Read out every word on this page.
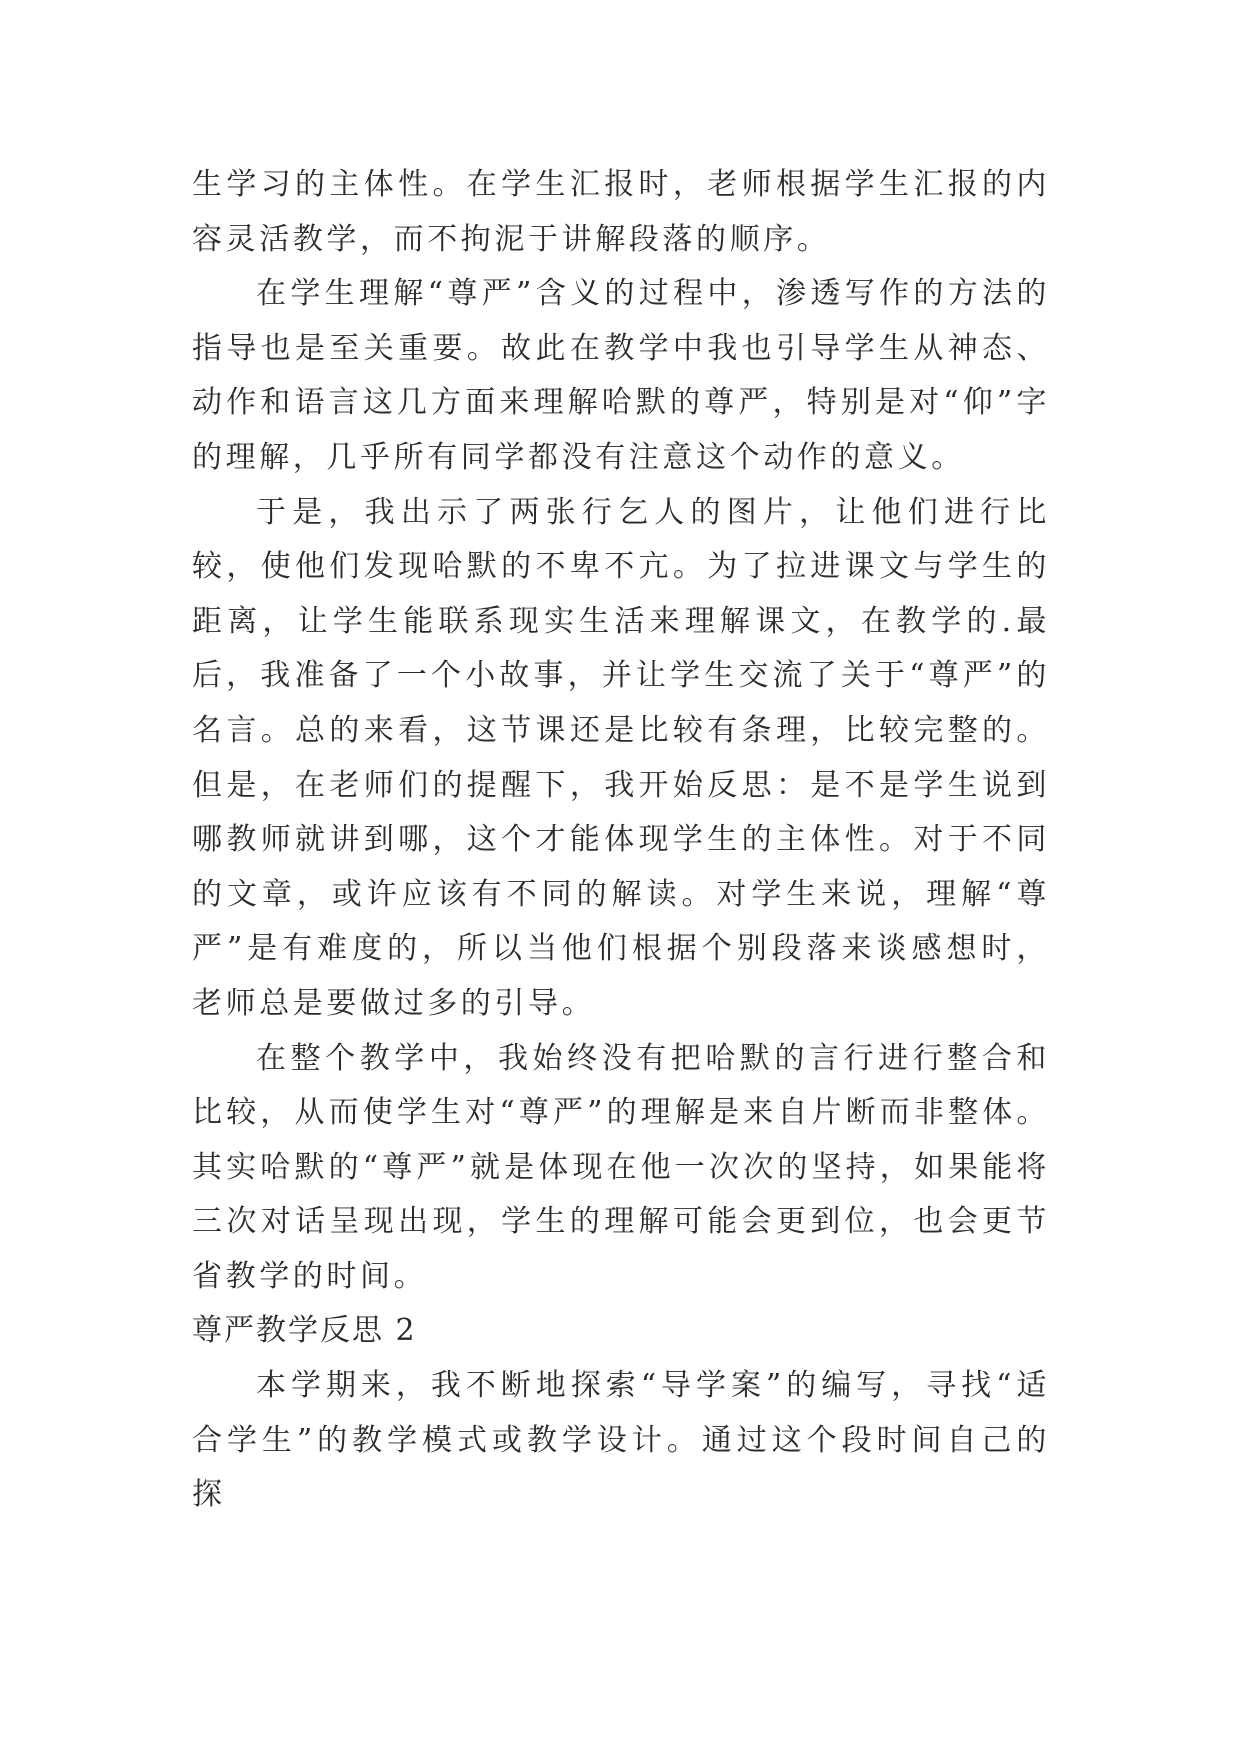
生学习的主体性。在学生汇报时，老师根据学生汇报的内容灵活教学，而不拘泥于讲解段落的顺序。

在学生理解“尊严”含义的过程中，渗透写作的方法的指导也是至关重要。故此在教学中我也引导学生从神态、动作和语言这几方面来理解哈默的尊严，特别是对“仰”字的理解，几乎所有同学都没有注意这个动作的意义。

于是，我出示了两张行乞人的图片，让他们进行比较，使他们发现哈默的不卑不亢。为了拉进课文与学生的距离，让学生能联系现实生活来理解课文，在教学的.最后，我准备了一个小故事，并让学生交流了关于“尊严”的名言。总的来看，这节课还是比较有条理，比较完整的。但是，在老师们的提醒下，我开始反思：是不是学生说到哪教师就讲到哪，这个才能体现学生的主体性。对于不同的文章，或许应该有不同的解读。对学生来说，理解“尊严”是有难度的，所以当他们根据个别段落来谈感想时，老师总是要做过多的引导。

在整个教学中，我始终没有把哈默的言行进行整合和比较，从而使学生对“尊严”的理解是来自片断而非整体。其实哈默的“尊严”就是体现在他一次次的坚持，如果能将三次对话呈现出现，学生的理解可能会更到位，也会更节省教学的时间。

尊严教学反思 2

本学期来，我不断地探索“导学案”的编写，寻找“适合学生”的教学模式或教学设计。通过这个段时间自己的探
